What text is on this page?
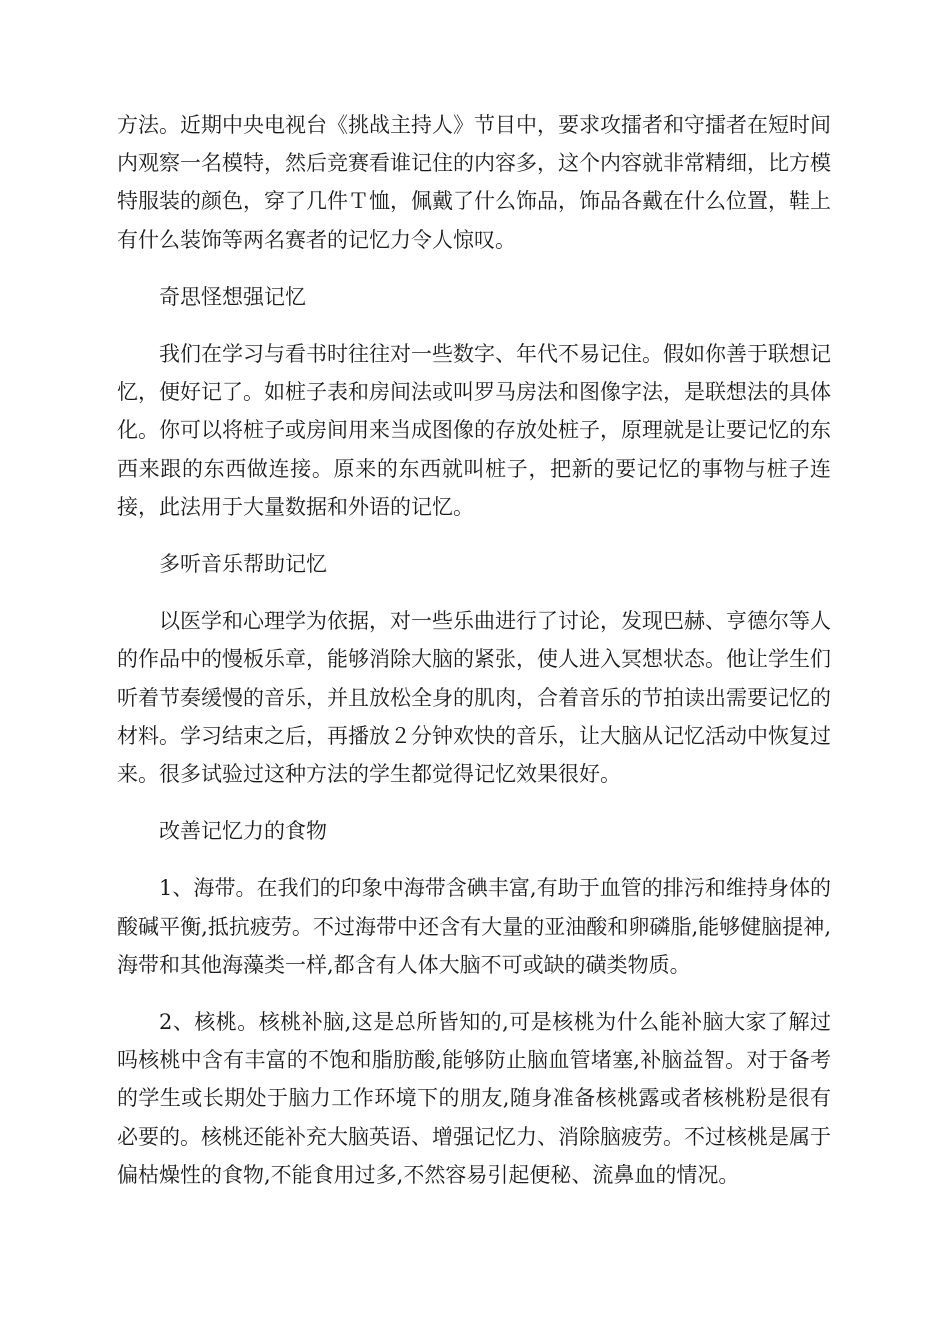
方法。近期中央电视台《挑战主持人》节目中，要求攻擂者和守擂者在短时间内观察一名模特，然后竞赛看谁记住的内容多，这个内容就非常精细，比方模特服装的颜色，穿了几件Ｔ恤，佩戴了什么饰品，饰品各戴在什么位置，鞋上有什么装饰等两名赛者的记忆力令人惊叹。

奇思怪想强记忆

我们在学习与看书时往往对一些数字、年代不易记住。假如你善于联想记忆，便好记了。如桩子表和房间法或叫罗马房法和图像字法，是联想法的具体化。你可以将桩子或房间用来当成图像的存放处桩子，原理就是让要记忆的东西来跟的东西做连接。原来的东西就叫桩子，把新的要记忆的事物与桩子连接，此法用于大量数据和外语的记忆。

多听音乐帮助记忆

以医学和心理学为依据，对一些乐曲进行了讨论，发现巴赫、亨德尔等人的作品中的慢板乐章，能够消除大脑的紧张，使人进入冥想状态。他让学生们听着节奏缓慢的音乐，并且放松全身的肌肉，合着音乐的节拍读出需要记忆的材料。学习结束之后，再播放２分钟欢快的音乐，让大脑从记忆活动中恢复过来。很多试验过这种方法的学生都觉得记忆效果很好。

改善记忆力的食物

1、海带。在我们的印象中海带含碘丰富,有助于血管的排污和维持身体的酸碱平衡,抵抗疲劳。不过海带中还含有大量的亚油酸和卵磷脂,能够健脑提神,海带和其他海藻类一样,都含有人体大脑不可或缺的磺类物质。

2、核桃。核桃补脑,这是总所皆知的,可是核桃为什么能补脑大家了解过吗核桃中含有丰富的不饱和脂肪酸,能够防止脑血管堵塞,补脑益智。对于备考的学生或长期处于脑力工作环境下的朋友,随身准备核桃露或者核桃粉是很有必要的。核桃还能补充大脑英语、增强记忆力、消除脑疲劳。不过核桃是属于偏枯燥性的食物,不能食用过多,不然容易引起便秘、流鼻血的情况。
